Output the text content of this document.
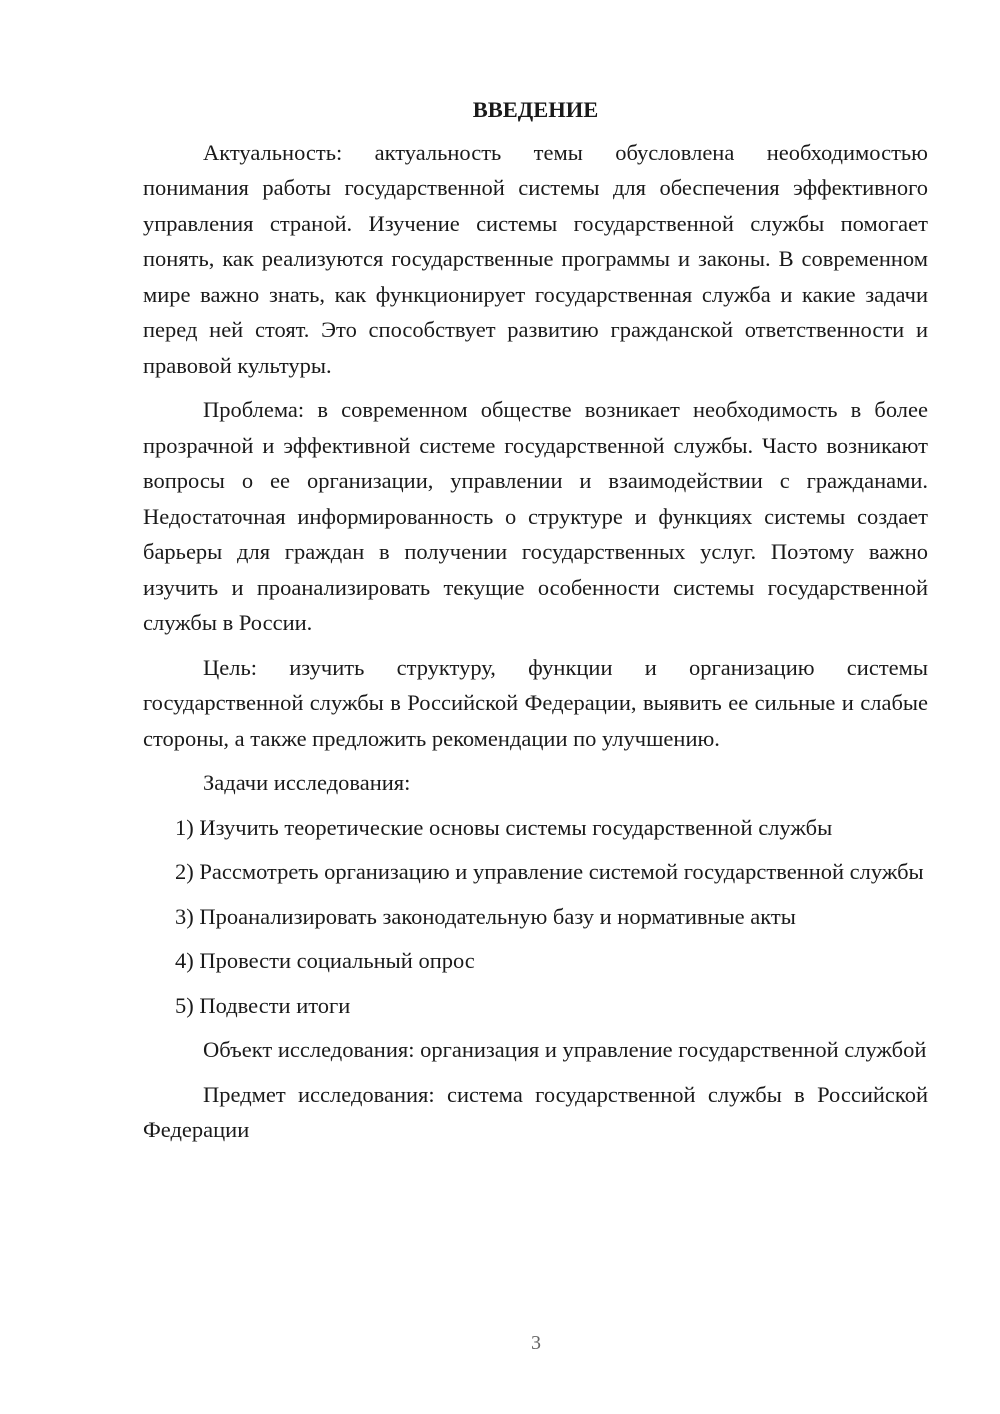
ВВЕДЕНИЕ
Актуальность: актуальность темы обусловлена необходимостью понимания работы государственной системы для обеспечения эффективного управления страной. Изучение системы государственной службы помогает понять, как реализуются государственные программы и законы. В современном мире важно знать, как функционирует государственная служба и какие задачи перед ней стоят. Это способствует развитию гражданской ответственности и правовой культуры.
Проблема: в современном обществе возникает необходимость в более прозрачной и эффективной системе государственной службы. Часто возникают вопросы о ее организации, управлении и взаимодействии с гражданами. Недостаточная информированность о структуре и функциях системы создает барьеры для граждан в получении государственных услуг. Поэтому важно изучить и проанализировать текущие особенности системы государственной службы в России.
Цель: изучить структуру, функции и организацию системы государственной службы в Российской Федерации, выявить ее сильные и слабые стороны, а также предложить рекомендации по улучшению.
Задачи исследования:
1) Изучить теоретические основы системы государственной службы
2) Рассмотреть организацию и управление системой государственной службы
3) Проанализировать законодательную базу и нормативные акты
4) Провести социальный опрос
5) Подвести итоги
Объект исследования: организация и управление государственной службой
Предмет исследования: система государственной службы в Российской Федерации
3
